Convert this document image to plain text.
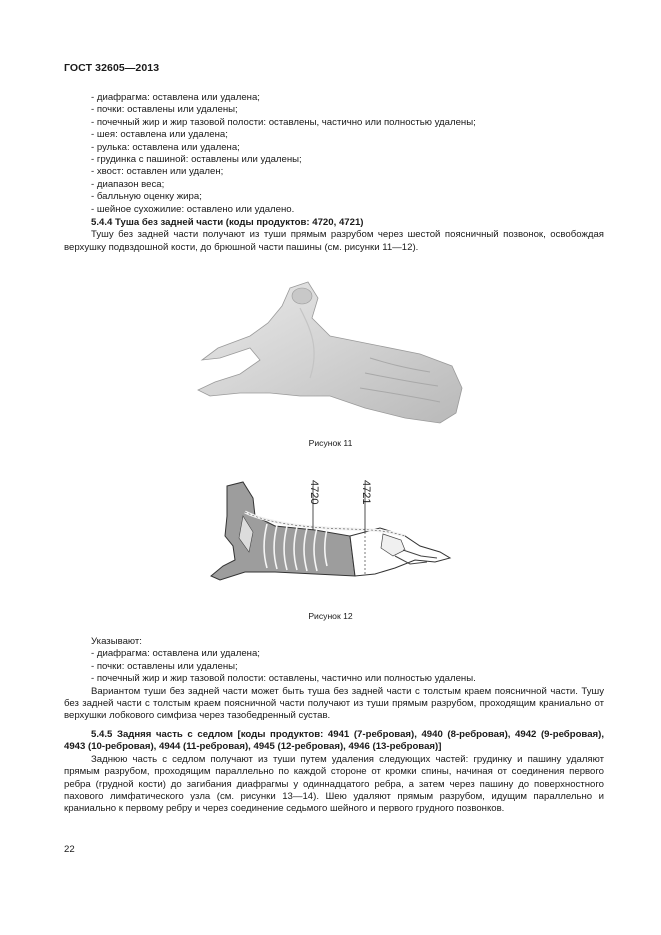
ГОСТ 32605—2013
- диафрагма: оставлена или удалена;
- почки: оставлены или удалены;
- почечный жир и жир тазовой полости: оставлены, частично или полностью удалены;
- шея: оставлена или удалена;
- рулька: оставлена или удалена;
- грудинка с пашиной: оставлены или удалены;
- хвост: оставлен или удален;
- диапазон веса;
- балльную оценку жира;
- шейное сухожилие: оставлено или удалено.
5.4.4 Туша без задней части (коды продуктов: 4720, 4721)
Тушу без задней части получают из туши прямым разрубом через шестой поясничный позвонок, освобождая верхушку подвздошной кости, до брюшной части пашины (см. рисунки 11—12).
Рисунок 11
4720	4721
Рисунок 12
Указывают:
- диафрагма: оставлена или удалена;
- почки: оставлены или удалены;
- почечный жир и жир тазовой полости: оставлены, частично или полностью удалены.
Вариантом туши без задней части может быть туша без задней части с толстым краем поясничной части. Тушу без задней части с толстым краем поясничной части получают из туши прямым разрубом, проходящим краниально от верхушки лобкового симфиза через тазобедренный сустав.
5.4.5 Задняя часть с седлом [коды продуктов: 4941 (7-ребровая), 4940 (8-ребровая), 4942 (9-ребровая), 4943 (10-ребровая), 4944 (11-ребровая), 4945 (12-ребровая), 4946 (13-ребровая)]
Заднюю часть с седлом получают из туши путем удаления следующих частей: грудинку и пашину удаляют прямым разрубом, проходящим параллельно по каждой стороне от кромки спины, начиная от соединения первого ребра (грудной кости) до загибания диафрагмы у одиннадцатого ребра, а затем через пашину до поверхностного пахового лимфатического узла (см. рисунки 13—14). Шею удаляют прямым разрубом, идущим параллельно и краниально к первому ребру и через соединение седьмого шейного и первого грудного позвонков.
22
